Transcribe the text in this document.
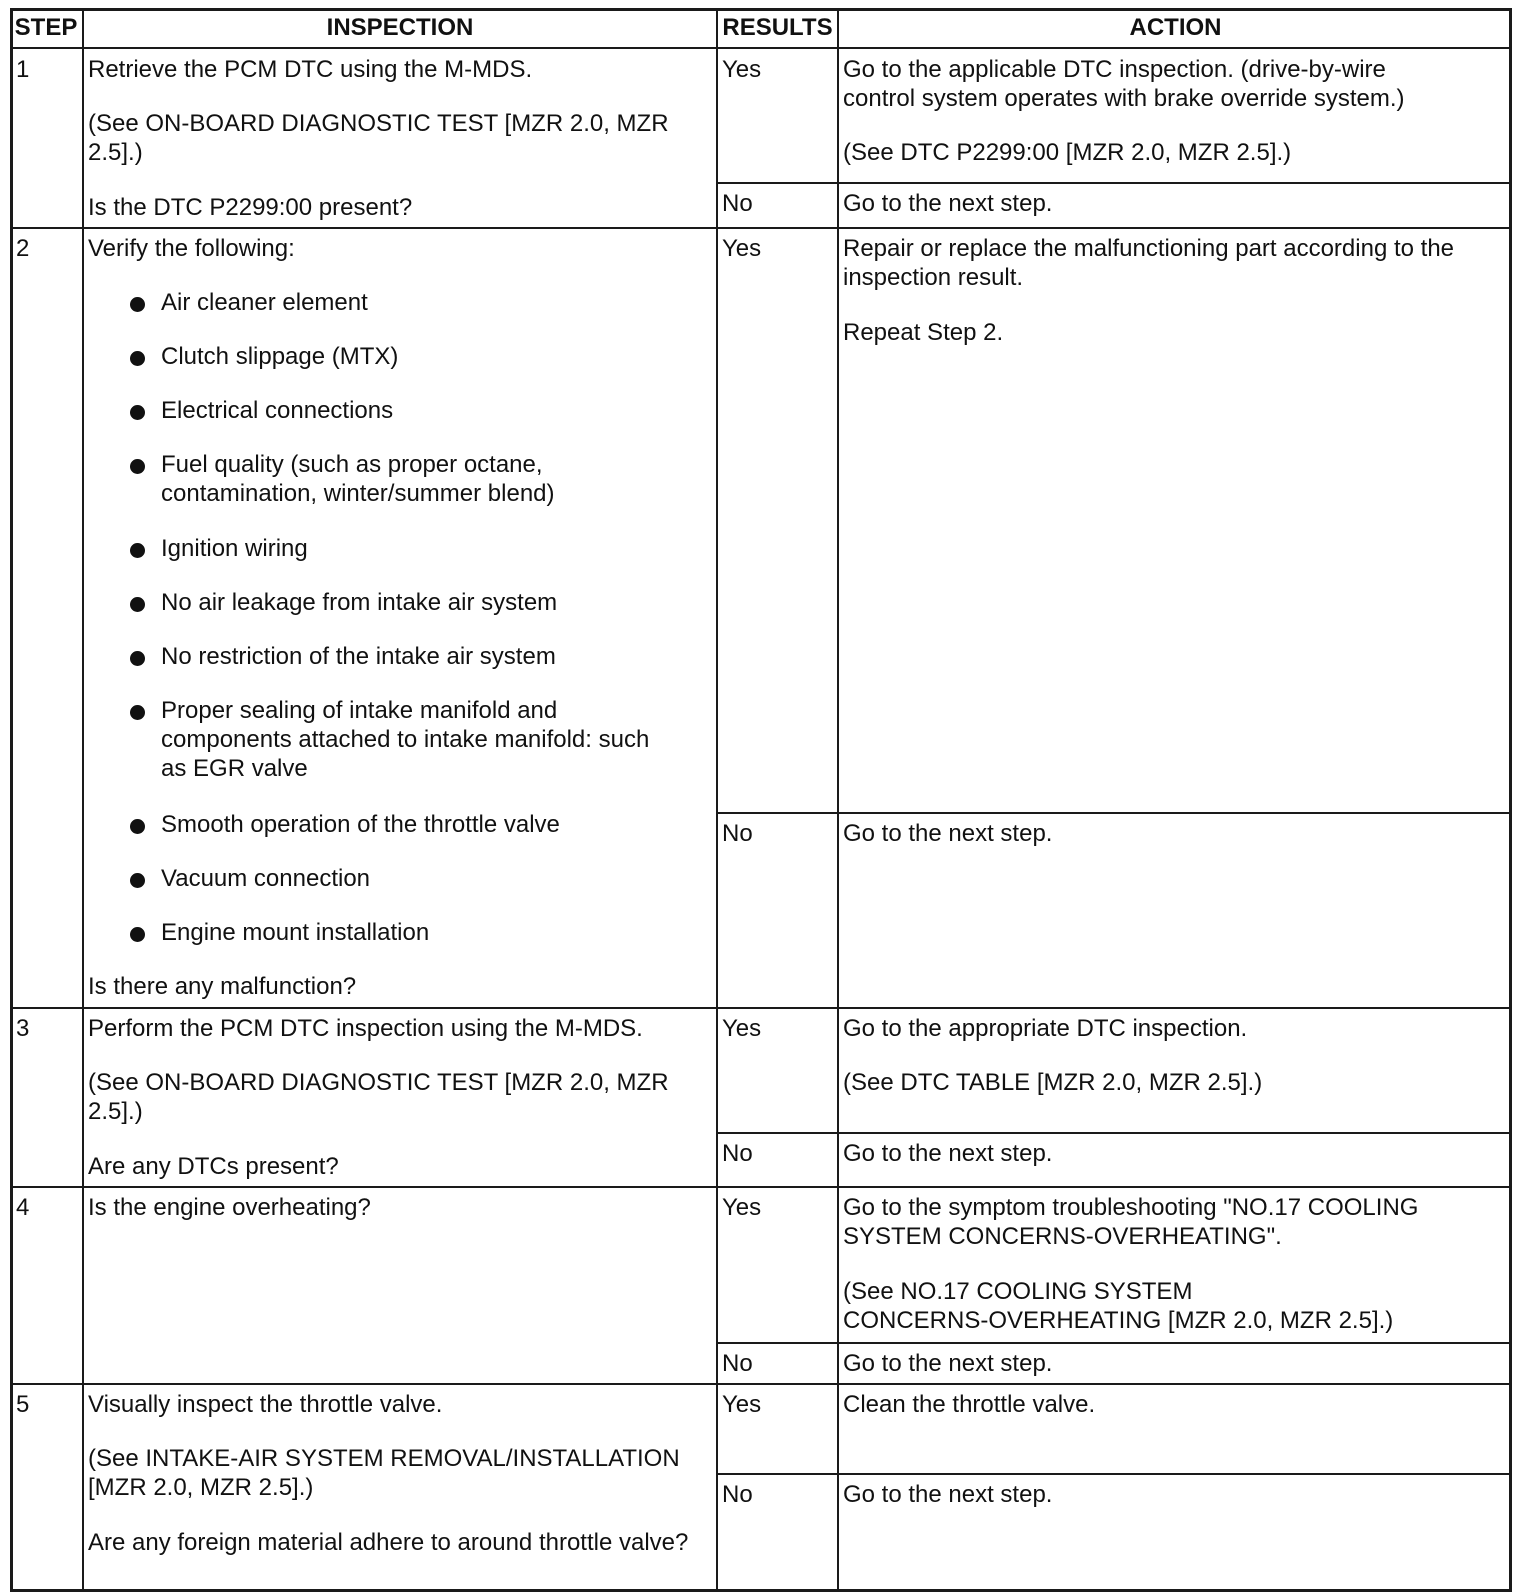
STEP	INSPECTION	RESULTS	ACTION
1 Retrieve the PCM DTC using the M-MDS.
(See ON-BOARD DIAGNOSTIC TEST [MZR 2.0, MZR
2.5].)
Is the DTC P2299:00 present?
Yes	Go to the applicable DTC inspection. (drive-by-wire
control system operates with brake override system.)
(See DTC P2299:00 [MZR 2.0, MZR 2.5].)
No	Go to the next step.
2 Verify the following:
Air cleaner element
Clutch slippage (MTX)
Electrical connections
Fuel quality (such as proper octane,
contamination, winter/summer blend)
Ignition wiring
No air leakage from intake air system
No restriction of the intake air system
Proper sealing of intake manifold and
components attached to intake manifold: such
as EGR valve
Smooth operation of the throttle valve
Vacuum connection
Engine mount installation
Is there any malfunction?
Yes	Repair or replace the malfunctioning part according to the
inspection result.
Repeat Step 2.
No	Go to the next step.
3 Perform the PCM DTC inspection using the M-MDS.
(See ON-BOARD DIAGNOSTIC TEST [MZR 2.0, MZR
2.5].)
Are any DTCs present?
Yes	Go to the appropriate DTC inspection.
(See DTC TABLE [MZR 2.0, MZR 2.5].)
No	Go to the next step.
4 Is the engine overheating?	Yes	Go to the symptom troubleshooting "NO.17 COOLING
SYSTEM CONCERNS-OVERHEATING".
(See NO.17 COOLING SYSTEM
CONCERNS-OVERHEATING [MZR 2.0, MZR 2.5].)
No	Go to the next step.
5 Visually inspect the throttle valve.
(See INTAKE-AIR SYSTEM REMOVAL/INSTALLATION
[MZR 2.0, MZR 2.5].)
Are any foreign material adhere to around throttle valve?
Yes	Clean the throttle valve.
No	Go to the next step.
